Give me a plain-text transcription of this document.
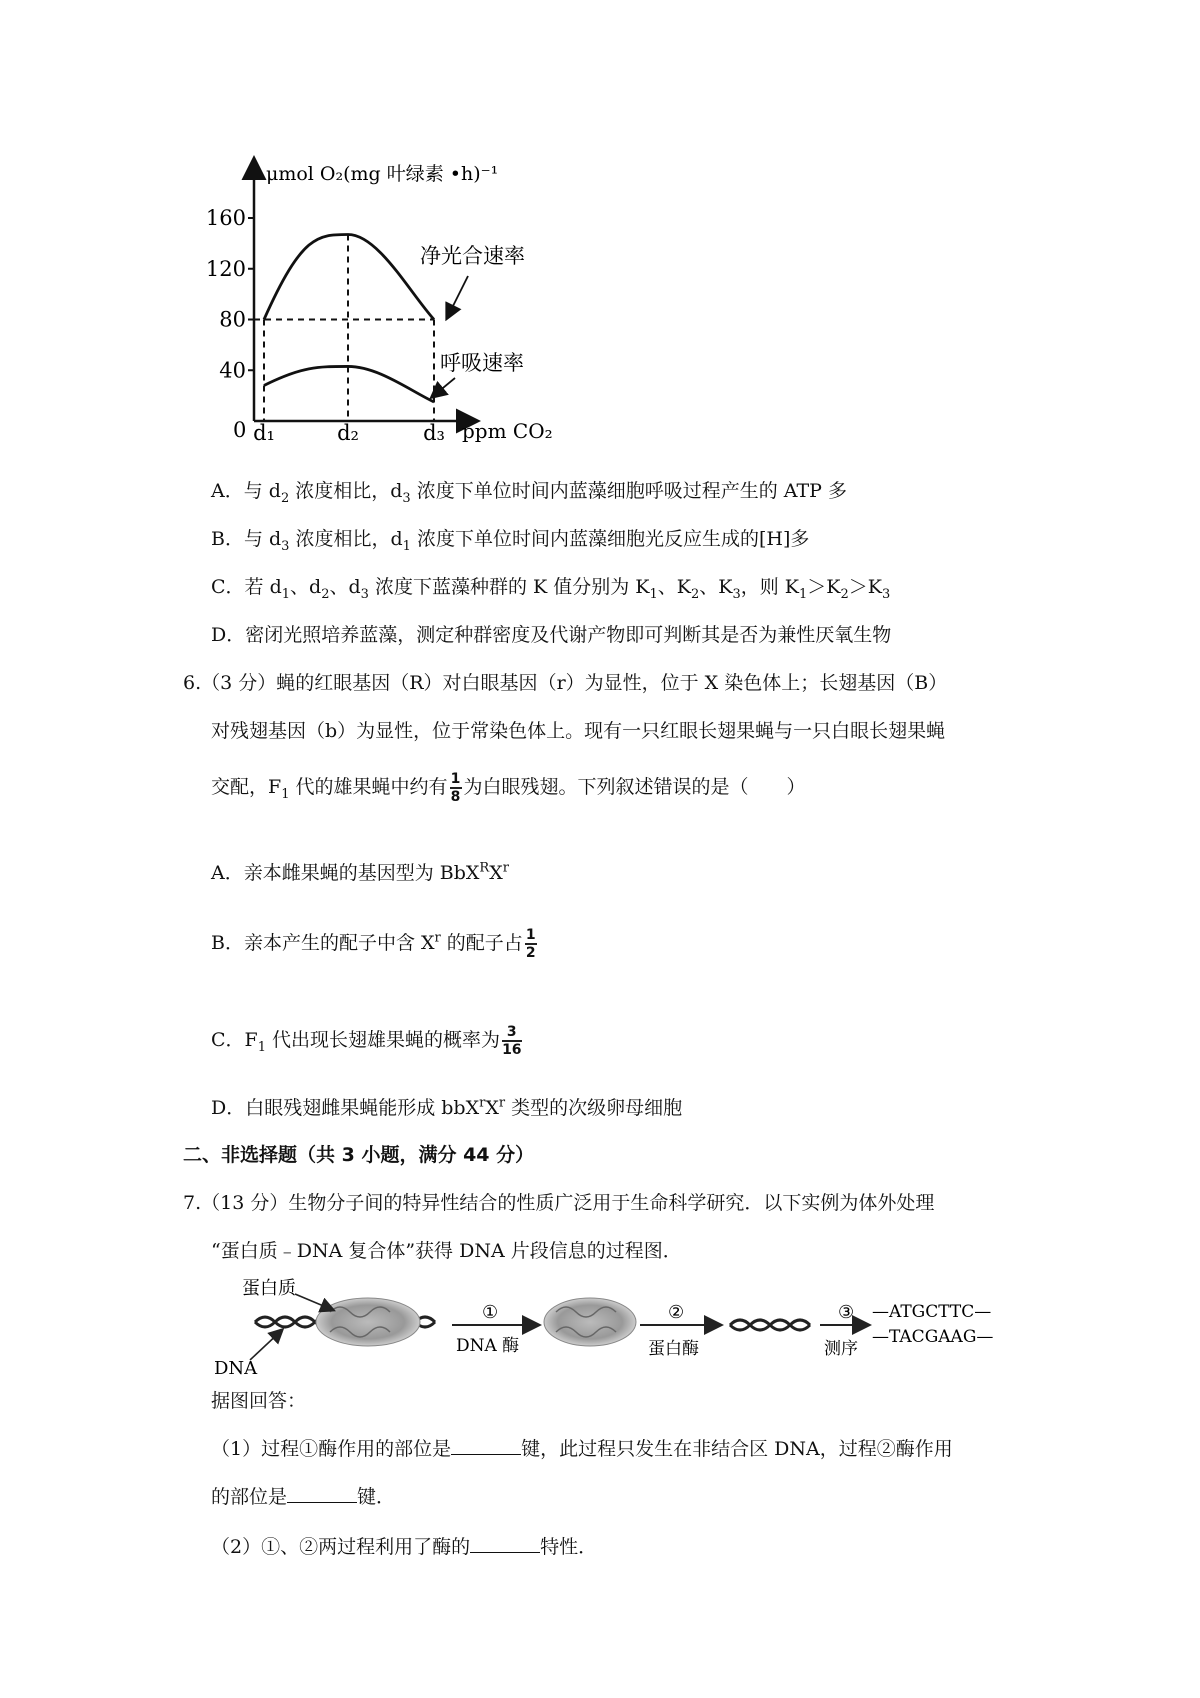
μmol O₂(mg 叶绿素 •h)⁻¹
0	ppm CO₂
40
80
120
160
d₁	d₂	d₃
净光合速率
呼吸速率
A．与 $d_2$ 浓度相比，$d_3$ 浓度下单位时间内蓝藻细胞呼吸过程产生的 ATP 多
B．与 $d_3$ 浓度相比，$d_1$ 浓度下单位时间内蓝藻细胞光反应生成的[H]多
C．若 $d_1$、$d_2$、$d_3$ 浓度下蓝藻种群的 K 值分别为 $K_1$、$K_2$、$K_3$，则 $K_1>K_2>K_3$
D．密闭光照培养蓝藻，测定种群密度及代谢产物即可判断其是否为兼性厌氧生物
6.（3 分）蝇的红眼基因（R）对白眼基因（r）为显性，位于 X 染色体上；长翅基因（B）
对残翅基因（b）为显性，位于常染色体上。现有一只红眼长翅果蝇与一只白眼长翅果蝇
交配，$F_1$ 代的雄果蝇中约有 $\frac{1}{8}$ 为白眼残翅。下列叙述错误的是（　　）
A．亲本雌果蝇的基因型为 $BbX^RX^r$
B．亲本产生的配子中含 $X^r$ 的配子占 $\frac{1}{2}$
C．$F_1$ 代出现长翅雄果蝇的概率为 $\frac{3}{16}$
D．白眼残翅雌果蝇能形成 $bbX^rX^r$ 类型的次级卵母细胞
二、非选择题（共 3 小题，满分 44 分）
7.（13 分）生物分子间的特异性结合的性质广泛用于生命科学研究．以下实例为体外处理
“蛋白质﹣DNA 复合体”获得 DNA 片段信息的过程图．
蛋白质
DNA
①
DNA 酶
②
蛋白酶
③
测序
—ATGCTTC—
—TACGAAG—
据图回答：
（1）过程①酶作用的部位是	键，此过程只发生在非结合区 DNA，过程②酶作用
的部位是	键．
（2）①、②两过程利用了酶的	特性．
